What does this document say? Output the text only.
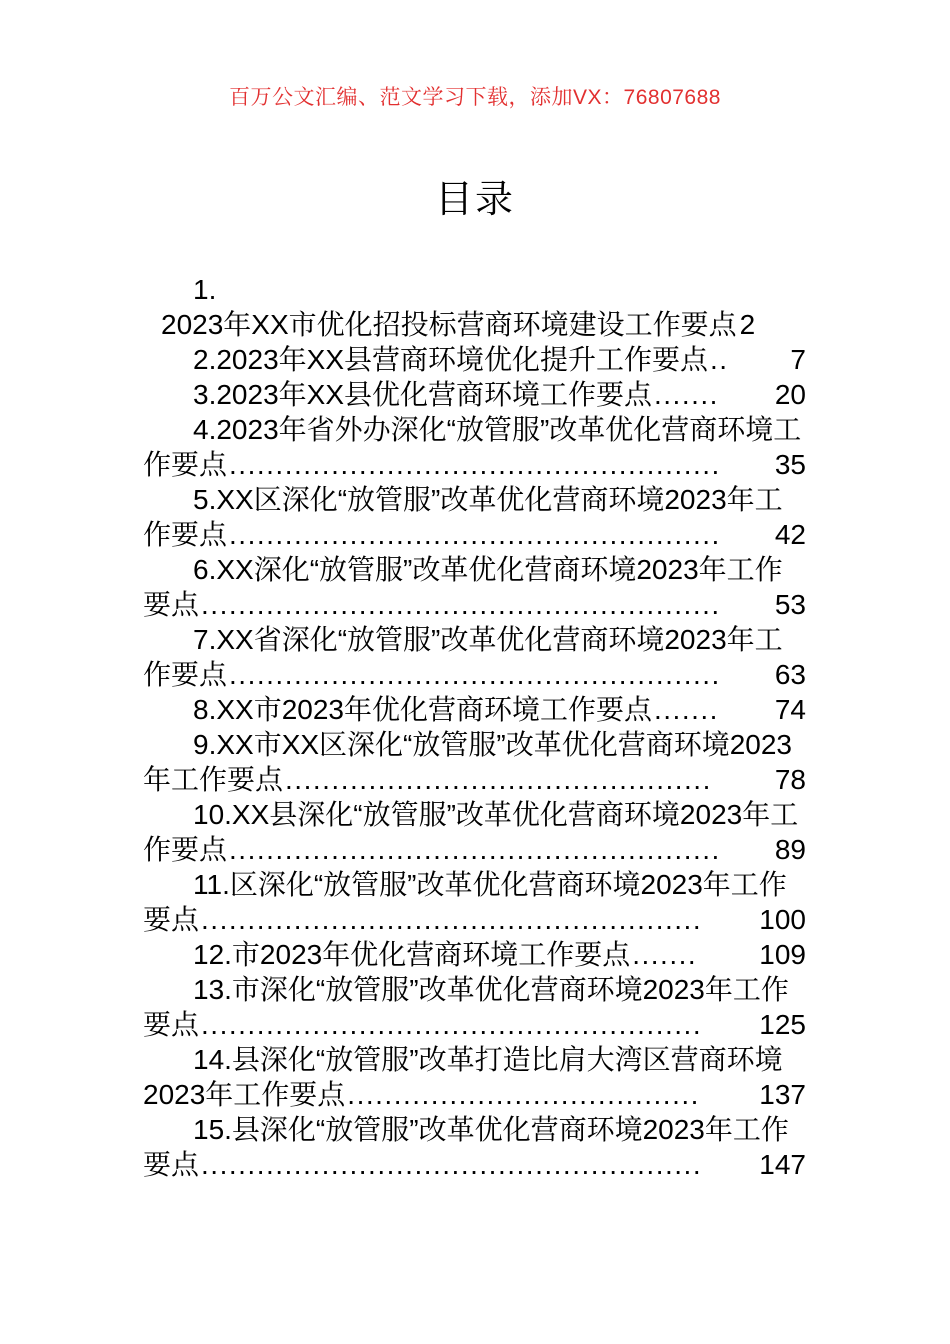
百万公文汇编、范文学习下载，添加VX：76807688
目录

1.

2023年XX市优化招投标营商环境建设工作要点 2

2.2023年XX县营商环境优化提升工作要点..	7

3.2023年XX县优化营商环境工作要点.......	20

4.2023年省外办深化“放管服”改革优化营商环境工作要点.....................................................	35

5.XX区深化“放管服”改革优化营商环境2023年工作要点.....................................................	42

6.XX深化“放管服”改革优化营商环境2023年工作要点........................................................	53

7.XX省深化“放管服”改革优化营商环境2023年工作要点.....................................................	63

8.XX市2023年优化营商环境工作要点.......	74

9.XX市XX区深化“放管服”改革优化营商环境2023年工作要点..............................................	78

10.XX县深化“放管服”改革优化营商环境2023年工作要点.....................................................	89

11.区深化“放管服”改革优化营商环境2023年工作要点......................................................	100

12.市2023年优化营商环境工作要点.......	109

13.市深化“放管服”改革优化营商环境2023年工作要点......................................................	125

14.县深化“放管服”改革打造比肩大湾区营商环境2023年工作要点......................................	137

15.县深化“放管服”改革优化营商环境2023年工作要点......................................................	147
